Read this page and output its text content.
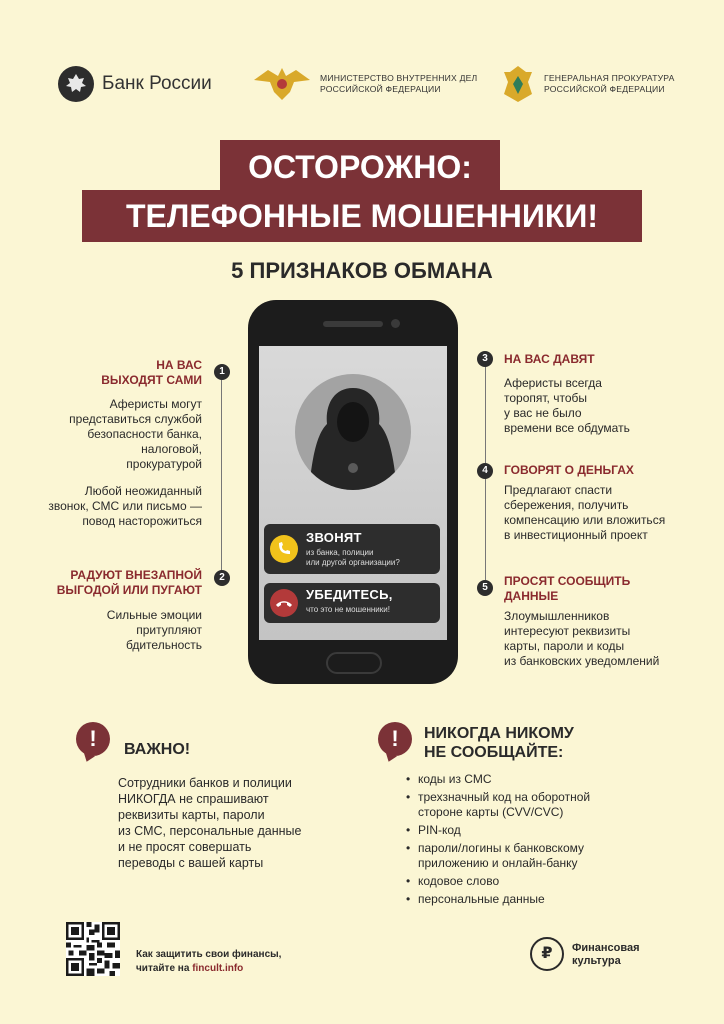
Банк России	МИНИСТЕРСТВО ВНУТРЕННИХ ДЕЛ
РОССИЙСКОЙ ФЕДЕРАЦИИ
ГЕНЕРАЛЬНАЯ ПРОКУРАТУРА
РОССИЙСКОЙ ФЕДЕРАЦИИ
ОСТОРОЖНО:
ТЕЛЕФОННЫЕ МОШЕННИКИ!
5 ПРИЗНАКОВ ОБМАНА
ЗВОНЯТ
из банка, полиции
или другой организации?
УБЕДИТЕСЬ,
что это не мошенники!
1
НА ВАС
ВЫХОДЯТ САМИ
Аферисты могут
представиться службой
безопасности банка,
налоговой,
прокуратурой
Любой неожиданный
звонок, СМС или письмо —
повод насторожиться
2
РАДУЮТ ВНЕЗАПНОЙ
ВЫГОДОЙ ИЛИ ПУГАЮТ
Сильные эмоции
притупляют
бдительность
3	НА ВАС ДАВЯТ
Аферисты всегда
торопят, чтобы
у вас не было
времени все обдумать
4	ГОВОРЯТ О ДЕНЬГАХ
Предлагают спасти
сбережения, получить
компенсацию или вложиться
в инвестиционный проект
5	ПРОСЯТ СООБЩИТЬ
ДАННЫЕ
Злоумышленников
интересуют реквизиты
карты, пароли и коды
из банковских уведомлений
!	ВАЖНО!
Сотрудники банков и полиции
НИКОГДА не спрашивают
реквизиты карты, пароли
из СМС, персональные данные
и не просят совершать
переводы с вашей карты
!	НИКОГДА НИКОМУ
НЕ СООБЩАЙТЕ:
• коды из СМС
• трехзначный код на оборотной
стороне карты (CVV/CVC)
• PIN-код
• пароли/логины к банковскому
приложению и онлайн-банку
• кодовое слово
• персональные данные
Как защитить свои финансы,
читайте на fincult.info
₽	Финансовая
культура
